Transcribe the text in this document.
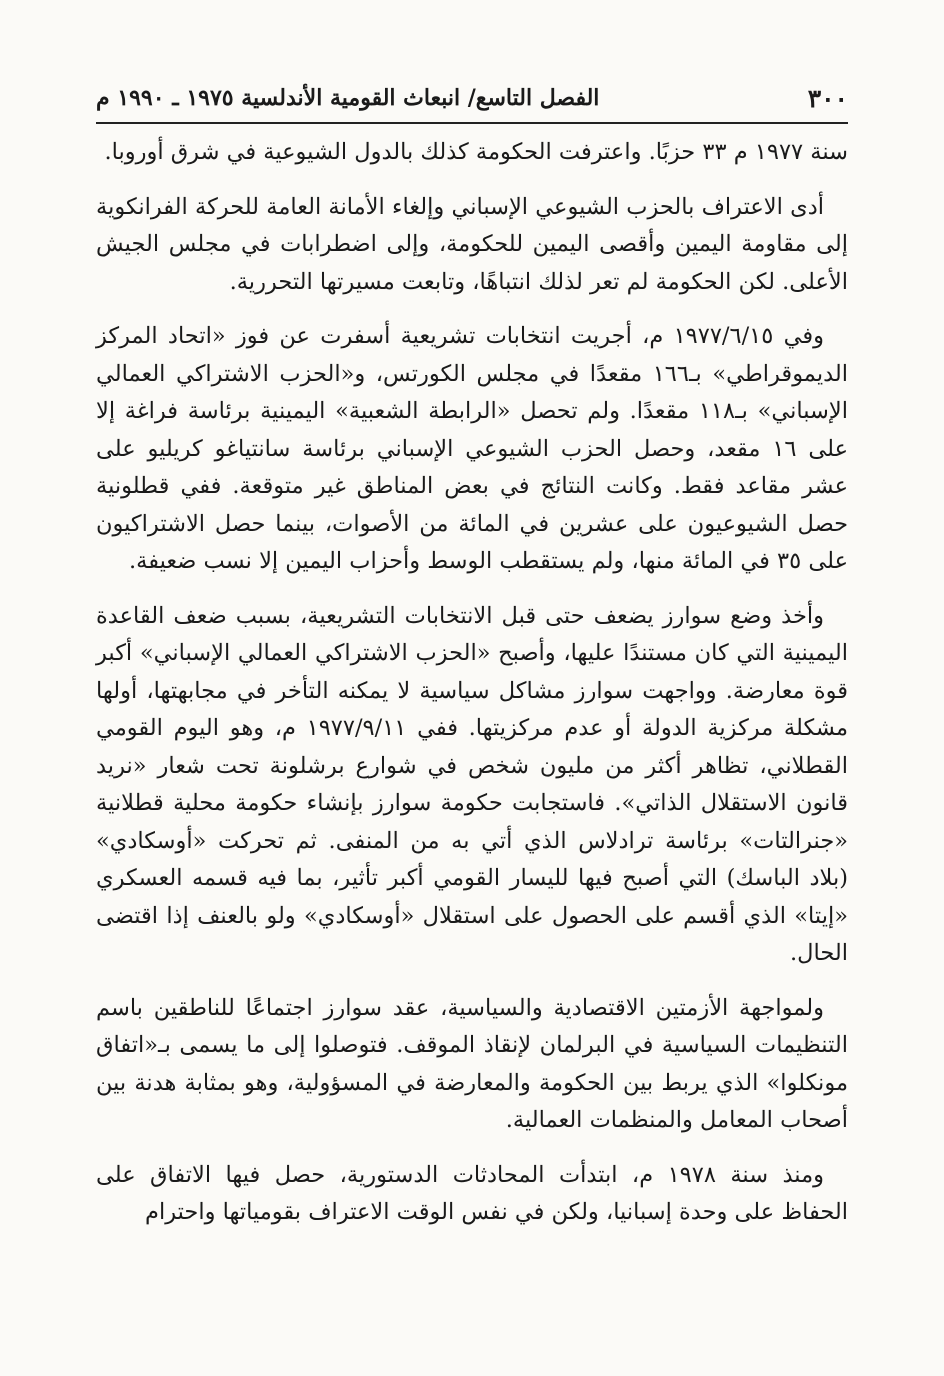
٣٠٠
الفصل التاسع/ انبعاث القومية الأندلسية ١٩٧٥ ـ ١٩٩٠ م

سنة ١٩٧٧ م ٣٣ حزبًا. واعترفت الحكومة كذلك بالدول الشيوعية في شرق أوروبا.

أدى الاعتراف بالحزب الشيوعي الإسباني وإلغاء الأمانة العامة للحركة الفرانكوية إلى مقاومة اليمين وأقصى اليمين للحكومة، وإلى اضطرابات في مجلس الجيش الأعلى. لكن الحكومة لم تعر لذلك انتباهًا، وتابعت مسيرتها التحررية.

وفي ١٩٧٧/٦/١٥ م، أجريت انتخابات تشريعية أسفرت عن فوز «اتحاد المركز الديموقراطي» بـ١٦٦ مقعدًا في مجلس الكورتس، و«الحزب الاشتراكي العمالي الإسباني» بـ١١٨ مقعدًا. ولم تحصل «الرابطة الشعبية» اليمينية برئاسة فراغة إلا على ١٦ مقعد، وحصل الحزب الشيوعي الإسباني برئاسة سانتياغو كريليو على عشر مقاعد فقط. وكانت النتائج في بعض المناطق غير متوقعة. ففي قطلونية حصل الشيوعيون على عشرين في المائة من الأصوات، بينما حصل الاشتراكيون على ٣٥ في المائة منها، ولم يستقطب الوسط وأحزاب اليمين إلا نسب ضعيفة.

وأخذ وضع سوارز يضعف حتى قبل الانتخابات التشريعية، بسبب ضعف القاعدة اليمينية التي كان مستندًا عليها، وأصبح «الحزب الاشتراكي العمالي الإسباني» أكبر قوة معارضة. وواجهت سوارز مشاكل سياسية لا يمكنه التأخر في مجابهتها، أولها مشكلة مركزية الدولة أو عدم مركزيتها. ففي ١٩٧٧/٩/١١ م، وهو اليوم القومي القطلاني، تظاهر أكثر من مليون شخص في شوارع برشلونة تحت شعار «نريد قانون الاستقلال الذاتي». فاستجابت حكومة سوارز بإنشاء حكومة محلية قطلانية «جنرالتات» برئاسة ترادلاس الذي أتي به من المنفى. ثم تحركت «أوسكادي» (بلاد الباسك) التي أصبح فيها لليسار القومي أكبر تأثير، بما فيه قسمه العسكري «إيتا» الذي أقسم على الحصول على استقلال «أوسكادي» ولو بالعنف إذا اقتضى الحال.

ولمواجهة الأزمتين الاقتصادية والسياسية، عقد سوارز اجتماعًا للناطقين باسم التنظيمات السياسية في البرلمان لإنقاذ الموقف. فتوصلوا إلى ما يسمى بـ«اتفاق مونكلوا» الذي يربط بين الحكومة والمعارضة في المسؤولية، وهو بمثابة هدنة بين أصحاب المعامل والمنظمات العمالية.

ومنذ سنة ١٩٧٨ م، ابتدأت المحادثات الدستورية، حصل فيها الاتفاق على الحفاظ على وحدة إسبانيا، ولكن في نفس الوقت الاعتراف بقومياتها واحترام
